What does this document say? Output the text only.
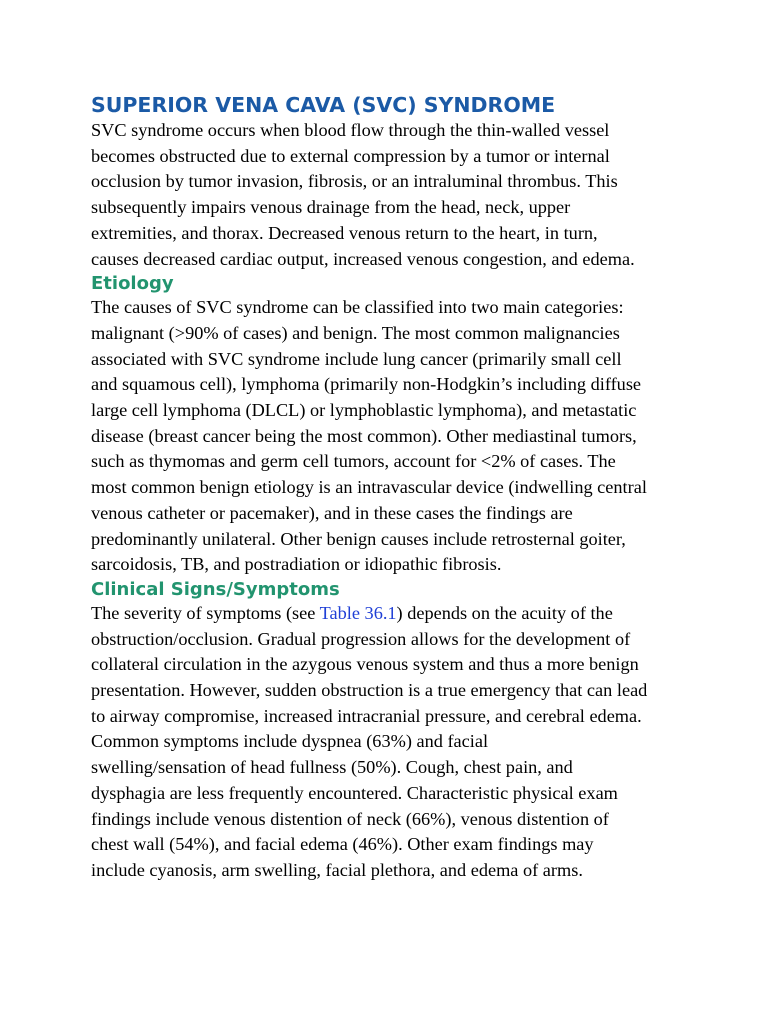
SUPERIOR VENA CAVA (SVC) SYNDROME

SVC syndrome occurs when blood flow through the thin-walled vessel
becomes obstructed due to external compression by a tumor or internal
occlusion by tumor invasion, fibrosis, or an intraluminal thrombus. This
subsequently impairs venous drainage from the head, neck, upper
extremities, and thorax. Decreased venous return to the heart, in turn,
causes decreased cardiac output, increased venous congestion, and edema.

Etiology

The causes of SVC syndrome can be classified into two main categories:
malignant (>90% of cases) and benign. The most common malignancies
associated with SVC syndrome include lung cancer (primarily small cell
and squamous cell), lymphoma (primarily non-Hodgkin’s including diffuse
large cell lymphoma (DLCL) or lymphoblastic lymphoma), and metastatic
disease (breast cancer being the most common). Other mediastinal tumors,
such as thymomas and germ cell tumors, account for <2% of cases. The
most common benign etiology is an intravascular device (indwelling central
venous catheter or pacemaker), and in these cases the findings are
predominantly unilateral. Other benign causes include retrosternal goiter,
sarcoidosis, TB, and postradiation or idiopathic fibrosis.

Clinical Signs/Symptoms

The severity of symptoms (see Table 36.1) depends on the acuity of the
obstruction/occlusion. Gradual progression allows for the development of
collateral circulation in the azygous venous system and thus a more benign
presentation. However, sudden obstruction is a true emergency that can lead
to airway compromise, increased intracranial pressure, and cerebral edema.
Common symptoms include dyspnea (63%) and facial
swelling/sensation of head fullness (50%). Cough, chest pain, and
dysphagia are less frequently encountered. Characteristic physical exam
findings include venous distention of neck (66%), venous distention of
chest wall (54%), and facial edema (46%). Other exam findings may
include cyanosis, arm swelling, facial plethora, and edema of arms.
